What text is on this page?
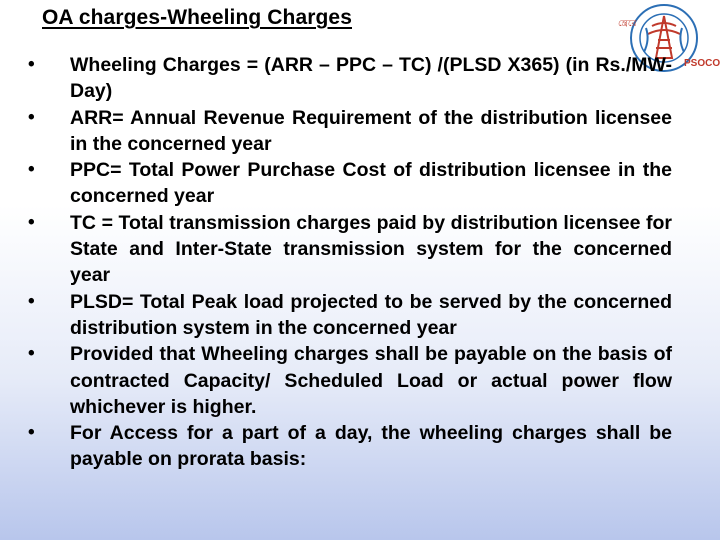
OA charges-Wheeling Charges	ন্ত্রেরে
PSOCO
• Wheeling Charges = (ARR – PPC – TC) /(PLSD X365) (in Rs./MW-Day)
• ARR= Annual Revenue Requirement of the distribution licensee in the concerned year
• PPC= Total Power Purchase Cost of distribution licensee in the concerned year
• TC = Total transmission charges paid by distribution licensee for State and Inter-State transmission system for the concerned year
• PLSD= Total Peak load projected to be served by the concerned distribution system in the concerned year
• Provided that Wheeling charges shall be payable on the basis of contracted Capacity/ Scheduled Load or actual power flow whichever is higher.
• For Access for a part of a day, the wheeling charges shall be payable on prorata basis:
